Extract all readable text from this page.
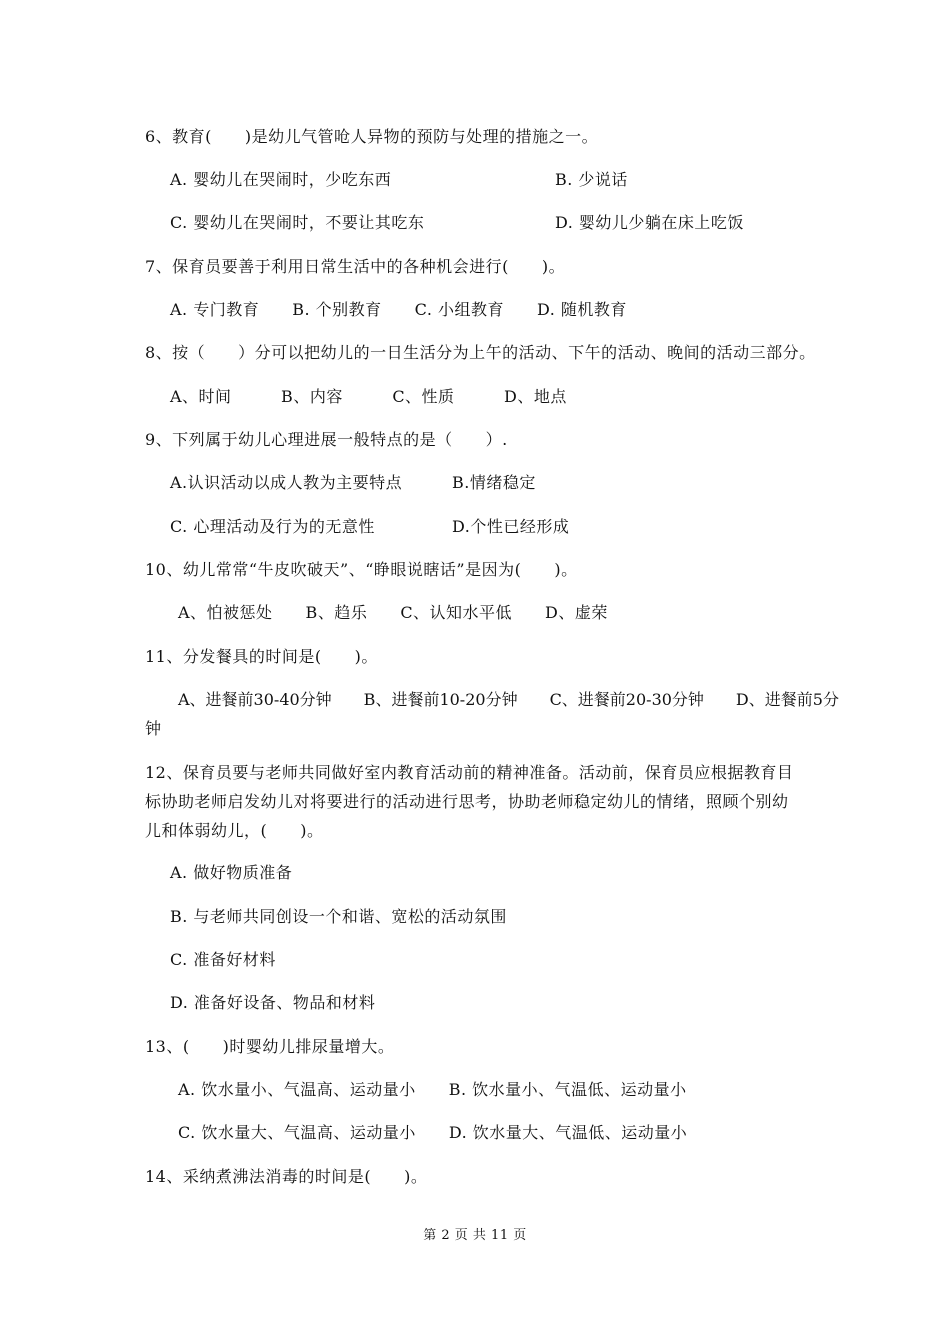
6、教育(　　)是幼儿气管呛人异物的预防与处理的措施之一。
A. 婴幼儿在哭闹时，少吃东西	B. 少说话
C. 婴幼儿在哭闹时，不要让其吃东	D. 婴幼儿少躺在床上吃饭
7、保育员要善于利用日常生活中的各种机会进行(　　)。
A. 专门教育　　B. 个别教育　　C. 小组教育　　D. 随机教育
8、按（　　）分可以把幼儿的一日生活分为上午的活动、下午的活动、晚间的活动三部分。
A、时间　　　B、内容　　　C、性质　　　D、地点
9、下列属于幼儿心理进展一般特点的是（　　）.
A.认识活动以成人教为主要特点	B.情绪稳定
C. 心理活动及行为的无意性	D.个性已经形成
10、幼儿常常“牛皮吹破天”、“睁眼说瞎话”是因为(　　)。
A、怕被惩处　　B、趋乐　　C、认知水平低　　D、虚荣
11、分发餐具的时间是(　　)。
A、进餐前30-40分钟　　B、进餐前10-20分钟　　C、进餐前20-30分钟　　D、进餐前5分
钟
12、保育员要与老师共同做好室内教育活动前的精神准备。活动前，保育员应根据教育目
标协助老师启发幼儿对将要进行的活动进行思考，协助老师稳定幼儿的情绪，照顾个别幼
儿和体弱幼儿，(　　)。
A. 做好物质准备
B. 与老师共同创设一个和谐、宽松的活动氛围
C. 准备好材料
D. 准备好设备、物品和材料
13、(　　)时婴幼儿排尿量增大。
A. 饮水量小、气温高、运动量小　　B. 饮水量小、气温低、运动量小
C. 饮水量大、气温高、运动量小　　D. 饮水量大、气温低、运动量小
14、采纳煮沸法消毒的时间是(　　)。
第 2 页 共 11 页
